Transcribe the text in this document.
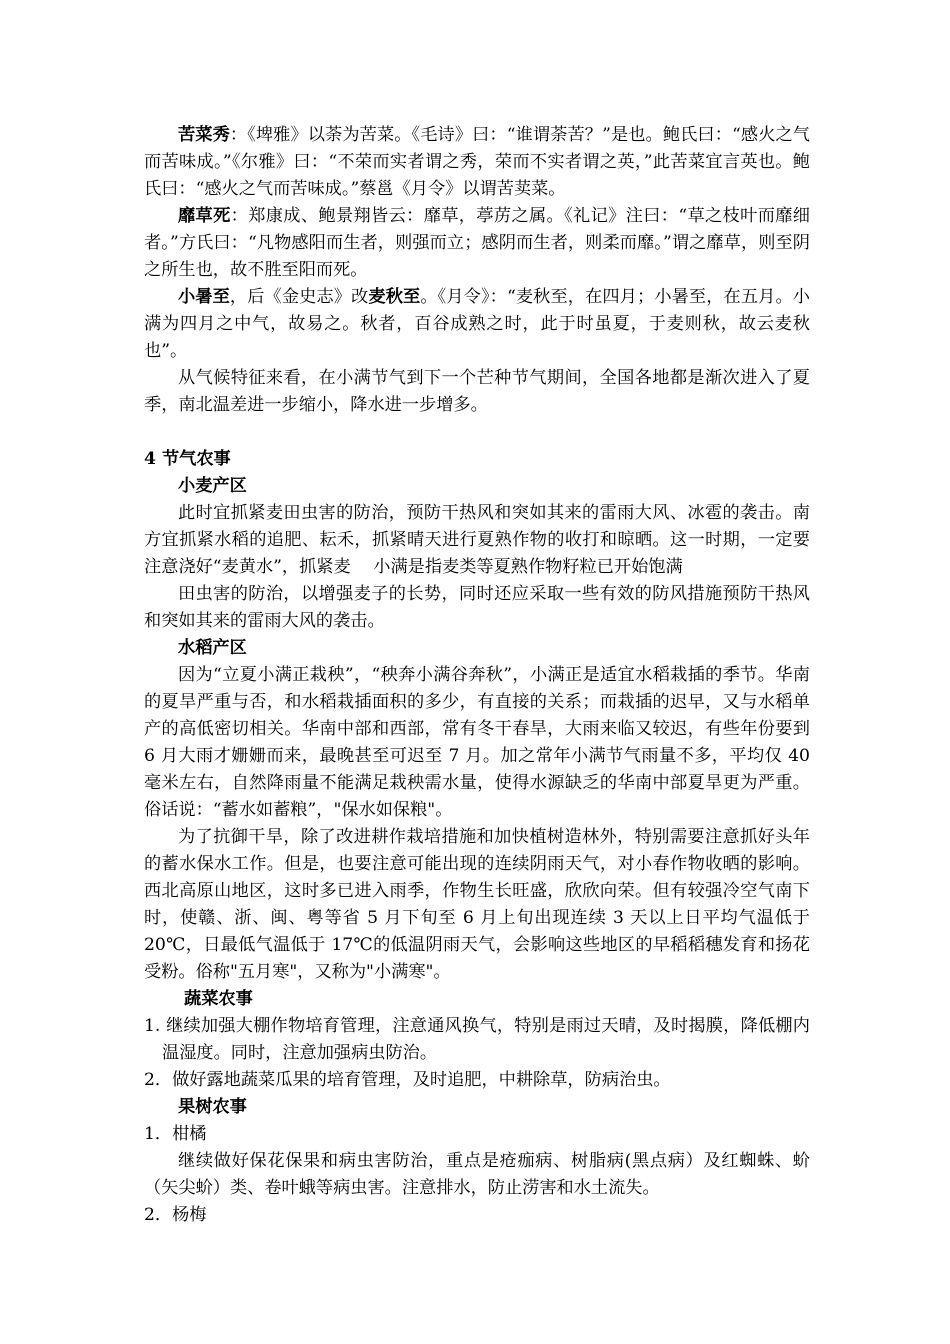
苦菜秀：《埤雅》以荼为苦菜。《毛诗》曰：“谁谓荼苦？”是也。鲍氏曰：“感火之气而苦味成。”《尔雅》曰：“不荣而实者谓之秀，荣而不实者谓之英，”此苦菜宜言英也。鲍氏曰：“感火之气而苦味成。”蔡邕《月令》以谓苦荬菜。

靡草死：郑康成、鲍景翔皆云：靡草，葶苈之属。《礼记》注曰：“草之枝叶而靡细者。”方氏曰：“凡物感阳而生者，则强而立；感阴而生者，则柔而靡。”谓之靡草，则至阴之所生也，故不胜至阳而死。

小暑至，后《金史志》改麦秋至。《月令》：“麦秋至，在四月；小暑至，在五月。小满为四月之中气，故易之。秋者，百谷成熟之时，此于时虽夏，于麦则秋，故云麦秋也”。

从气候特征来看，在小满节气到下一个芒种节气期间，全国各地都是渐次进入了夏季，南北温差进一步缩小，降水进一步增多。

4 节气农事

小麦产区

此时宜抓紧麦田虫害的防治，预防干热风和突如其来的雷雨大风、冰雹的袭击。南方宜抓紧水稻的追肥、耘禾，抓紧晴天进行夏熟作物的收打和晾晒。这一时期，一定要注意浇好“麦黄水”，抓紧麦　 小满是指麦类等夏熟作物籽粒已开始饱满

田虫害的防治，以增强麦子的长势，同时还应采取一些有效的防风措施预防干热风和突如其来的雷雨大风的袭击。

水稻产区

因为“立夏小满正栽秧”，“秧奔小满谷奔秋”，小满正是适宜水稻栽插的季节。华南的夏旱严重与否，和水稻栽插面积的多少，有直接的关系；而栽插的迟早，又与水稻单产的高低密切相关。华南中部和西部，常有冬干春旱，大雨来临又较迟，有些年份要到 6 月大雨才姗姗而来，最晚甚至可迟至 7 月。加之常年小满节气雨量不多，平均仅 40 毫米左右，自然降雨量不能满足栽秧需水量，使得水源缺乏的华南中部夏旱更为严重。俗话说：“蓄水如蓄粮”，"保水如保粮"。

为了抗御干旱，除了改进耕作栽培措施和加快植树造林外，特别需要注意抓好头年的蓄水保水工作。但是，也要注意可能出现的连续阴雨天气，对小春作物收晒的影响。西北高原山地区，这时多已进入雨季，作物生长旺盛，欣欣向荣。但有较强冷空气南下时，使赣、浙、闽、粤等省 5 月下旬至 6 月上旬出现连续 3 天以上日平均气温低于 20℃，日最低气温低于 17℃的低温阴雨天气，会影响这些地区的早稻稻穗发育和扬花受粉。俗称"五月寒"，又称为"小满寒"。

蔬菜农事

1. 继续加强大棚作物培育管理，注意通风换气，特别是雨过天晴，及时揭膜，降低棚内温湿度。同时，注意加强病虫防治。

2．做好露地蔬菜瓜果的培育管理，及时追肥，中耕除草，防病治虫。

果树农事

1．柑橘

继续做好保花保果和病虫害防治，重点是疮痂病、树脂病(黑点病）及红蜘蛛、蚧（矢尖蚧）类、卷叶蛾等病虫害。注意排水，防止涝害和水土流失。

2．杨梅
